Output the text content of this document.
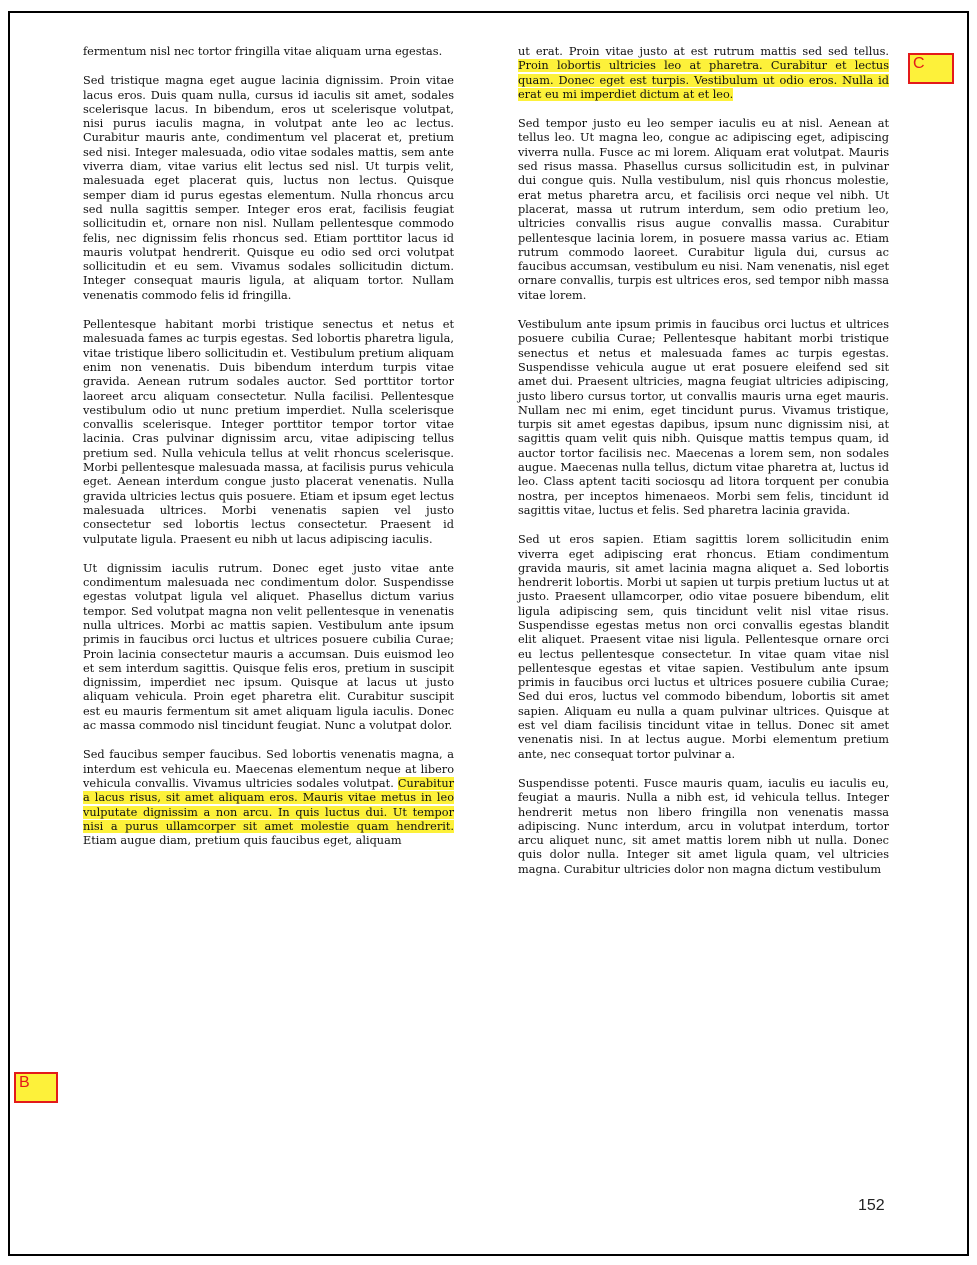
fermentum nisl nec tortor fringilla vitae aliquam urna egestas.

Sed tristique magna eget augue lacinia dignissim. Proin vitae lacus eros. Duis quam nulla, cursus id iaculis sit amet, sodales scelerisque lacus. In bibendum, eros ut scelerisque volutpat, nisi purus iaculis magna, in volutpat ante leo ac lectus. Curabitur mauris ante, condimentum vel placerat et, pretium sed nisi. Integer malesuada, odio vitae sodales mattis, sem ante viverra diam, vitae varius elit lectus sed nisl. Ut turpis velit, malesuada eget placerat quis, luctus non lectus. Quisque semper diam id purus egestas elementum. Nulla rhoncus arcu sed nulla sagittis semper. Integer eros erat, facilisis feugiat sollicitudin et, ornare non nisl. Nullam pellentesque commodo felis, nec dignissim felis rhoncus sed. Etiam porttitor lacus id mauris volutpat hendrerit. Quisque eu odio sed orci volutpat sollicitudin et eu sem. Vivamus sodales sollicitudin dictum. Integer consequat mauris ligula, at aliquam tortor. Nullam venenatis commodo felis id fringilla.

Pellentesque habitant morbi tristique senectus et netus et malesuada fames ac turpis egestas. Sed lobortis pharetra ligula, vitae tristique libero sollicitudin et. Vestibulum pretium aliquam enim non venenatis. Duis bibendum interdum turpis vitae gravida. Aenean rutrum sodales auctor. Sed porttitor tortor laoreet arcu aliquam consectetur. Nulla facilisi. Pellentesque vestibulum odio ut nunc pretium imperdiet. Nulla scelerisque convallis scelerisque. Integer porttitor tempor tortor vitae lacinia. Cras pulvinar dignissim arcu, vitae adipiscing tellus pretium sed. Nulla vehicula tellus at velit rhoncus scelerisque. Morbi pellentesque malesuada massa, at facilisis purus vehicula eget. Aenean interdum congue justo placerat venenatis. Nulla gravida ultricies lectus quis posuere. Etiam et ipsum eget lectus malesuada ultrices. Morbi venenatis sapien vel justo consectetur sed lobortis lectus consectetur. Praesent id vulputate ligula. Praesent eu nibh ut lacus adipiscing iaculis.

Ut dignissim iaculis rutrum. Donec eget justo vitae ante condimentum malesuada nec condimentum dolor. Suspendisse egestas volutpat ligula vel aliquet. Phasellus dictum varius tempor. Sed volutpat magna non velit pellentesque in venenatis nulla ultrices. Morbi ac mattis sapien. Vestibulum ante ipsum primis in faucibus orci luctus et ultrices posuere cubilia Curae; Proin lacinia consectetur mauris a accumsan. Duis euismod leo et sem interdum sagittis. Quisque felis eros, pretium in suscipit dignissim, imperdiet nec ipsum. Quisque at lacus ut justo aliquam vehicula. Proin eget pharetra elit. Curabitur suscipit est eu mauris fermentum sit amet aliquam ligula iaculis. Donec ac massa commodo nisl tincidunt feugiat. Nunc a volutpat dolor.

Sed faucibus semper faucibus. Sed lobortis venenatis magna, a interdum est vehicula eu. Maecenas elementum neque at libero vehicula convallis. Vivamus ultricies sodales volutpat. Curabitur a lacus risus, sit amet aliquam eros. Mauris vitae metus in leo vulputate dignissim a non arcu. In quis luctus dui. Ut tempor nisi a purus ullamcorper sit amet molestie quam hendrerit. Etiam augue diam, pretium quis faucibus eget, aliquam

ut erat. Proin vitae justo at est rutrum mattis sed sed tellus. Proin lobortis ultricies leo at pharetra. Curabitur et lectus quam. Donec eget est turpis. Vestibulum ut odio eros. Nulla id erat eu mi imperdiet dictum at et leo.

Sed tempor justo eu leo semper iaculis eu at nisl. Aenean at tellus leo. Ut magna leo, congue ac adipiscing eget, adipiscing viverra nulla. Fusce ac mi lorem. Aliquam erat volutpat. Mauris sed risus massa. Phasellus cursus sollicitudin est, in pulvinar dui congue quis. Nulla vestibulum, nisl quis rhoncus molestie, erat metus pharetra arcu, et facilisis orci neque vel nibh. Ut placerat, massa ut rutrum interdum, sem odio pretium leo, ultricies convallis risus augue convallis massa. Curabitur pellentesque lacinia lorem, in posuere massa varius ac. Etiam rutrum commodo laoreet. Curabitur ligula dui, cursus ac faucibus accumsan, vestibulum eu nisi. Nam venenatis, nisl eget ornare convallis, turpis est ultrices eros, sed tempor nibh massa vitae lorem.

Vestibulum ante ipsum primis in faucibus orci luctus et ultrices posuere cubilia Curae; Pellentesque habitant morbi tristique senectus et netus et malesuada fames ac turpis egestas. Suspendisse vehicula augue ut erat posuere eleifend sed sit amet dui. Praesent ultricies, magna feugiat ultricies adipiscing, justo libero cursus tortor, ut convallis mauris urna eget mauris. Nullam nec mi enim, eget tincidunt purus. Vivamus tristique, turpis sit amet egestas dapibus, ipsum nunc dignissim nisi, at sagittis quam velit quis nibh. Quisque mattis tempus quam, id auctor tortor facilisis nec. Maecenas a lorem sem, non sodales augue. Maecenas nulla tellus, dictum vitae pharetra at, luctus id leo. Class aptent taciti sociosqu ad litora torquent per conubia nostra, per inceptos himenaeos. Morbi sem felis, tincidunt id sagittis vitae, luctus et felis. Sed pharetra lacinia gravida.

Sed ut eros sapien. Etiam sagittis lorem sollicitudin enim viverra eget adipiscing erat rhoncus. Etiam condimentum gravida mauris, sit amet lacinia magna aliquet a. Sed lobortis hendrerit lobortis. Morbi ut sapien ut turpis pretium luctus ut at justo. Praesent ullamcorper, odio vitae posuere bibendum, elit ligula adipiscing sem, quis tincidunt velit nisl vitae risus. Suspendisse egestas metus non orci convallis egestas blandit elit aliquet. Praesent vitae nisi ligula. Pellentesque ornare orci eu lectus pellentesque consectetur. In vitae quam vitae nisl pellentesque egestas et vitae sapien. Vestibulum ante ipsum primis in faucibus orci luctus et ultrices posuere cubilia Curae; Sed dui eros, luctus vel commodo bibendum, lobortis sit amet sapien. Aliquam eu nulla a quam pulvinar ultrices. Quisque at est vel diam facilisis tincidunt vitae in tellus. Donec sit amet venenatis nisi. In at lectus augue. Morbi elementum pretium ante, nec consequat tortor pulvinar a.

Suspendisse potenti. Fusce mauris quam, iaculis eu iaculis eu, feugiat a mauris. Nulla a nibh est, id vehicula tellus. Integer hendrerit metus non libero fringilla non venenatis massa adipiscing. Nunc interdum, arcu in volutpat interdum, tortor arcu aliquet nunc, sit amet mattis lorem nibh ut nulla. Donec quis dolor nulla. Integer sit amet ligula quam, vel ultricies magna. Curabitur ultricies dolor non magna dictum vestibulum

B
C
152
